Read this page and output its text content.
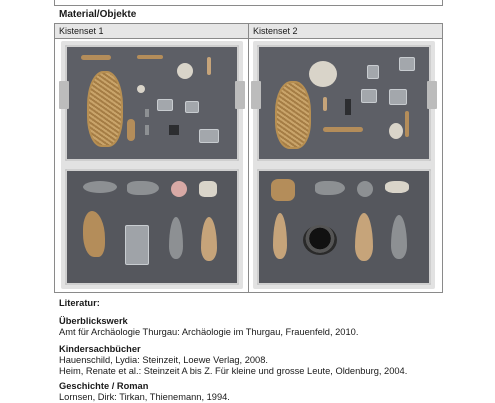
Material/Objekte
Kistenset 1	Kistenset 2
Literatur:
Überblickswerk
Amt für Archäologie Thurgau: Archäologie im Thurgau, Frauenfeld, 2010.
Kindersachbücher
Hauenschild, Lydia: Steinzeit, Loewe Verlag, 2008.
Heim, Renate et al.: Steinzeit A bis Z. Für kleine und grosse Leute, Oldenburg, 2004.
Geschichte / Roman
Lornsen, Dirk: Tirkan, Thienemann, 1994.
